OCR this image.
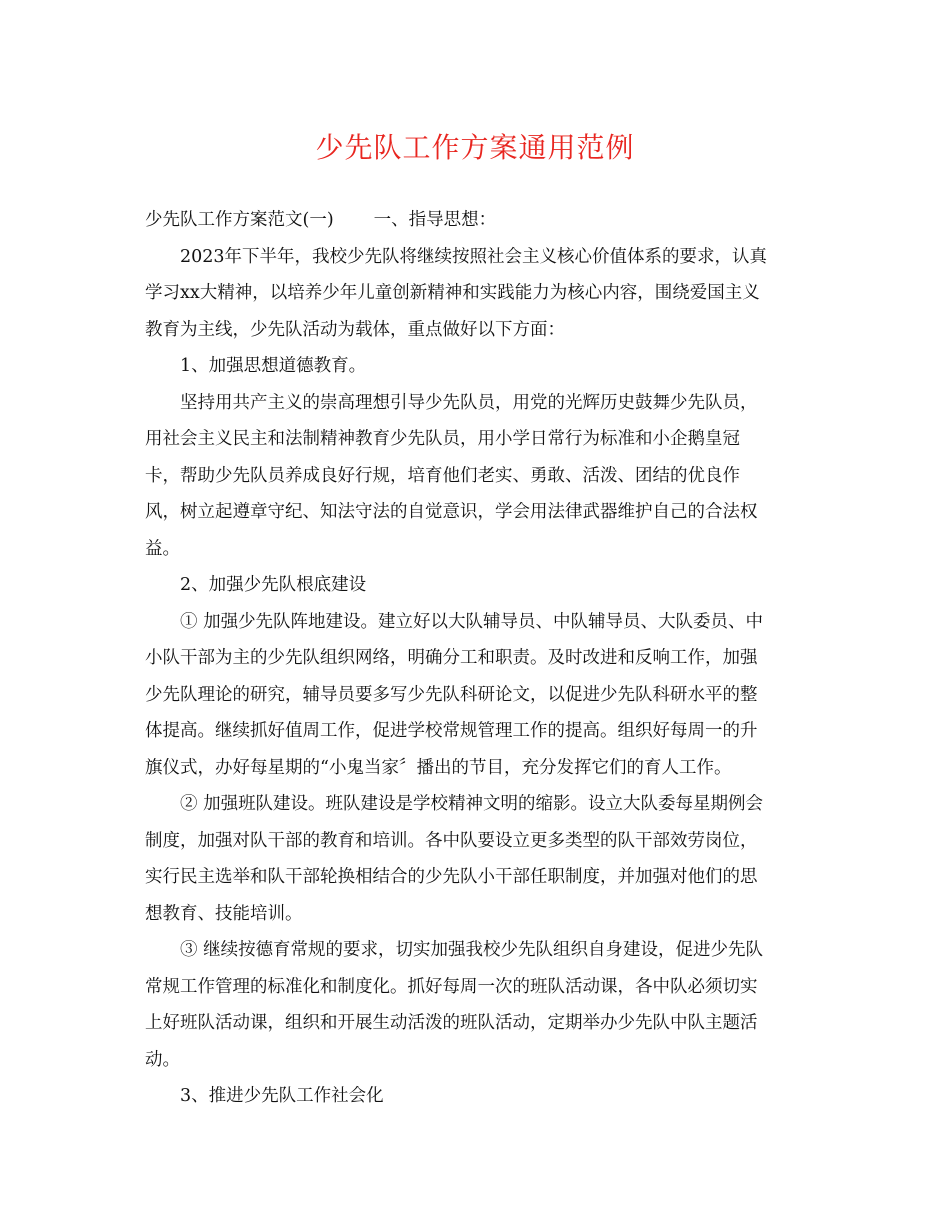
少先队工作方案通用范例

少先队工作方案范文(一) 一、指导思想：

2023年下半年，我校少先队将继续按照社会主义核心价值体系的要求，认真

学习xx大精神，以培养少年儿童创新精神和实践能力为核心内容，围绕爱国主义

教育为主线，少先队活动为载体，重点做好以下方面：

1、加强思想道德教育。

坚持用共产主义的崇高理想引导少先队员，用党的光辉历史鼓舞少先队员，

用社会主义民主和法制精神教育少先队员，用小学日常行为标准和小企鹅皇冠

卡，帮助少先队员养成良好行规，培育他们老实、勇敢、活泼、团结的优良作

风，树立起遵章守纪、知法守法的自觉意识，学会用法律武器维护自己的合法权

益。

2、加强少先队根底建设

① 加强少先队阵地建设。建立好以大队辅导员、中队辅导员、大队委员、中

小队干部为主的少先队组织网络，明确分工和职责。及时改进和反响工作，加强

少先队理论的研究，辅导员要多写少先队科研论文，以促进少先队科研水平的整

体提高。继续抓好值周工作，促进学校常规管理工作的提高。组织好每周一的升

旗仪式，办好每星期的“小鬼当家〞播出的节目，充分发挥它们的育人工作。

② 加强班队建设。班队建设是学校精神文明的缩影。设立大队委每星期例会

制度，加强对队干部的教育和培训。各中队要设立更多类型的队干部效劳岗位，

实行民主选举和队干部轮换相结合的少先队小干部任职制度，并加强对他们的思

想教育、技能培训。

③ 继续按德育常规的要求，切实加强我校少先队组织自身建设，促进少先队

常规工作管理的标准化和制度化。抓好每周一次的班队活动课，各中队必须切实

上好班队活动课，组织和开展生动活泼的班队活动，定期举办少先队中队主题活

动。

3、推进少先队工作社会化
